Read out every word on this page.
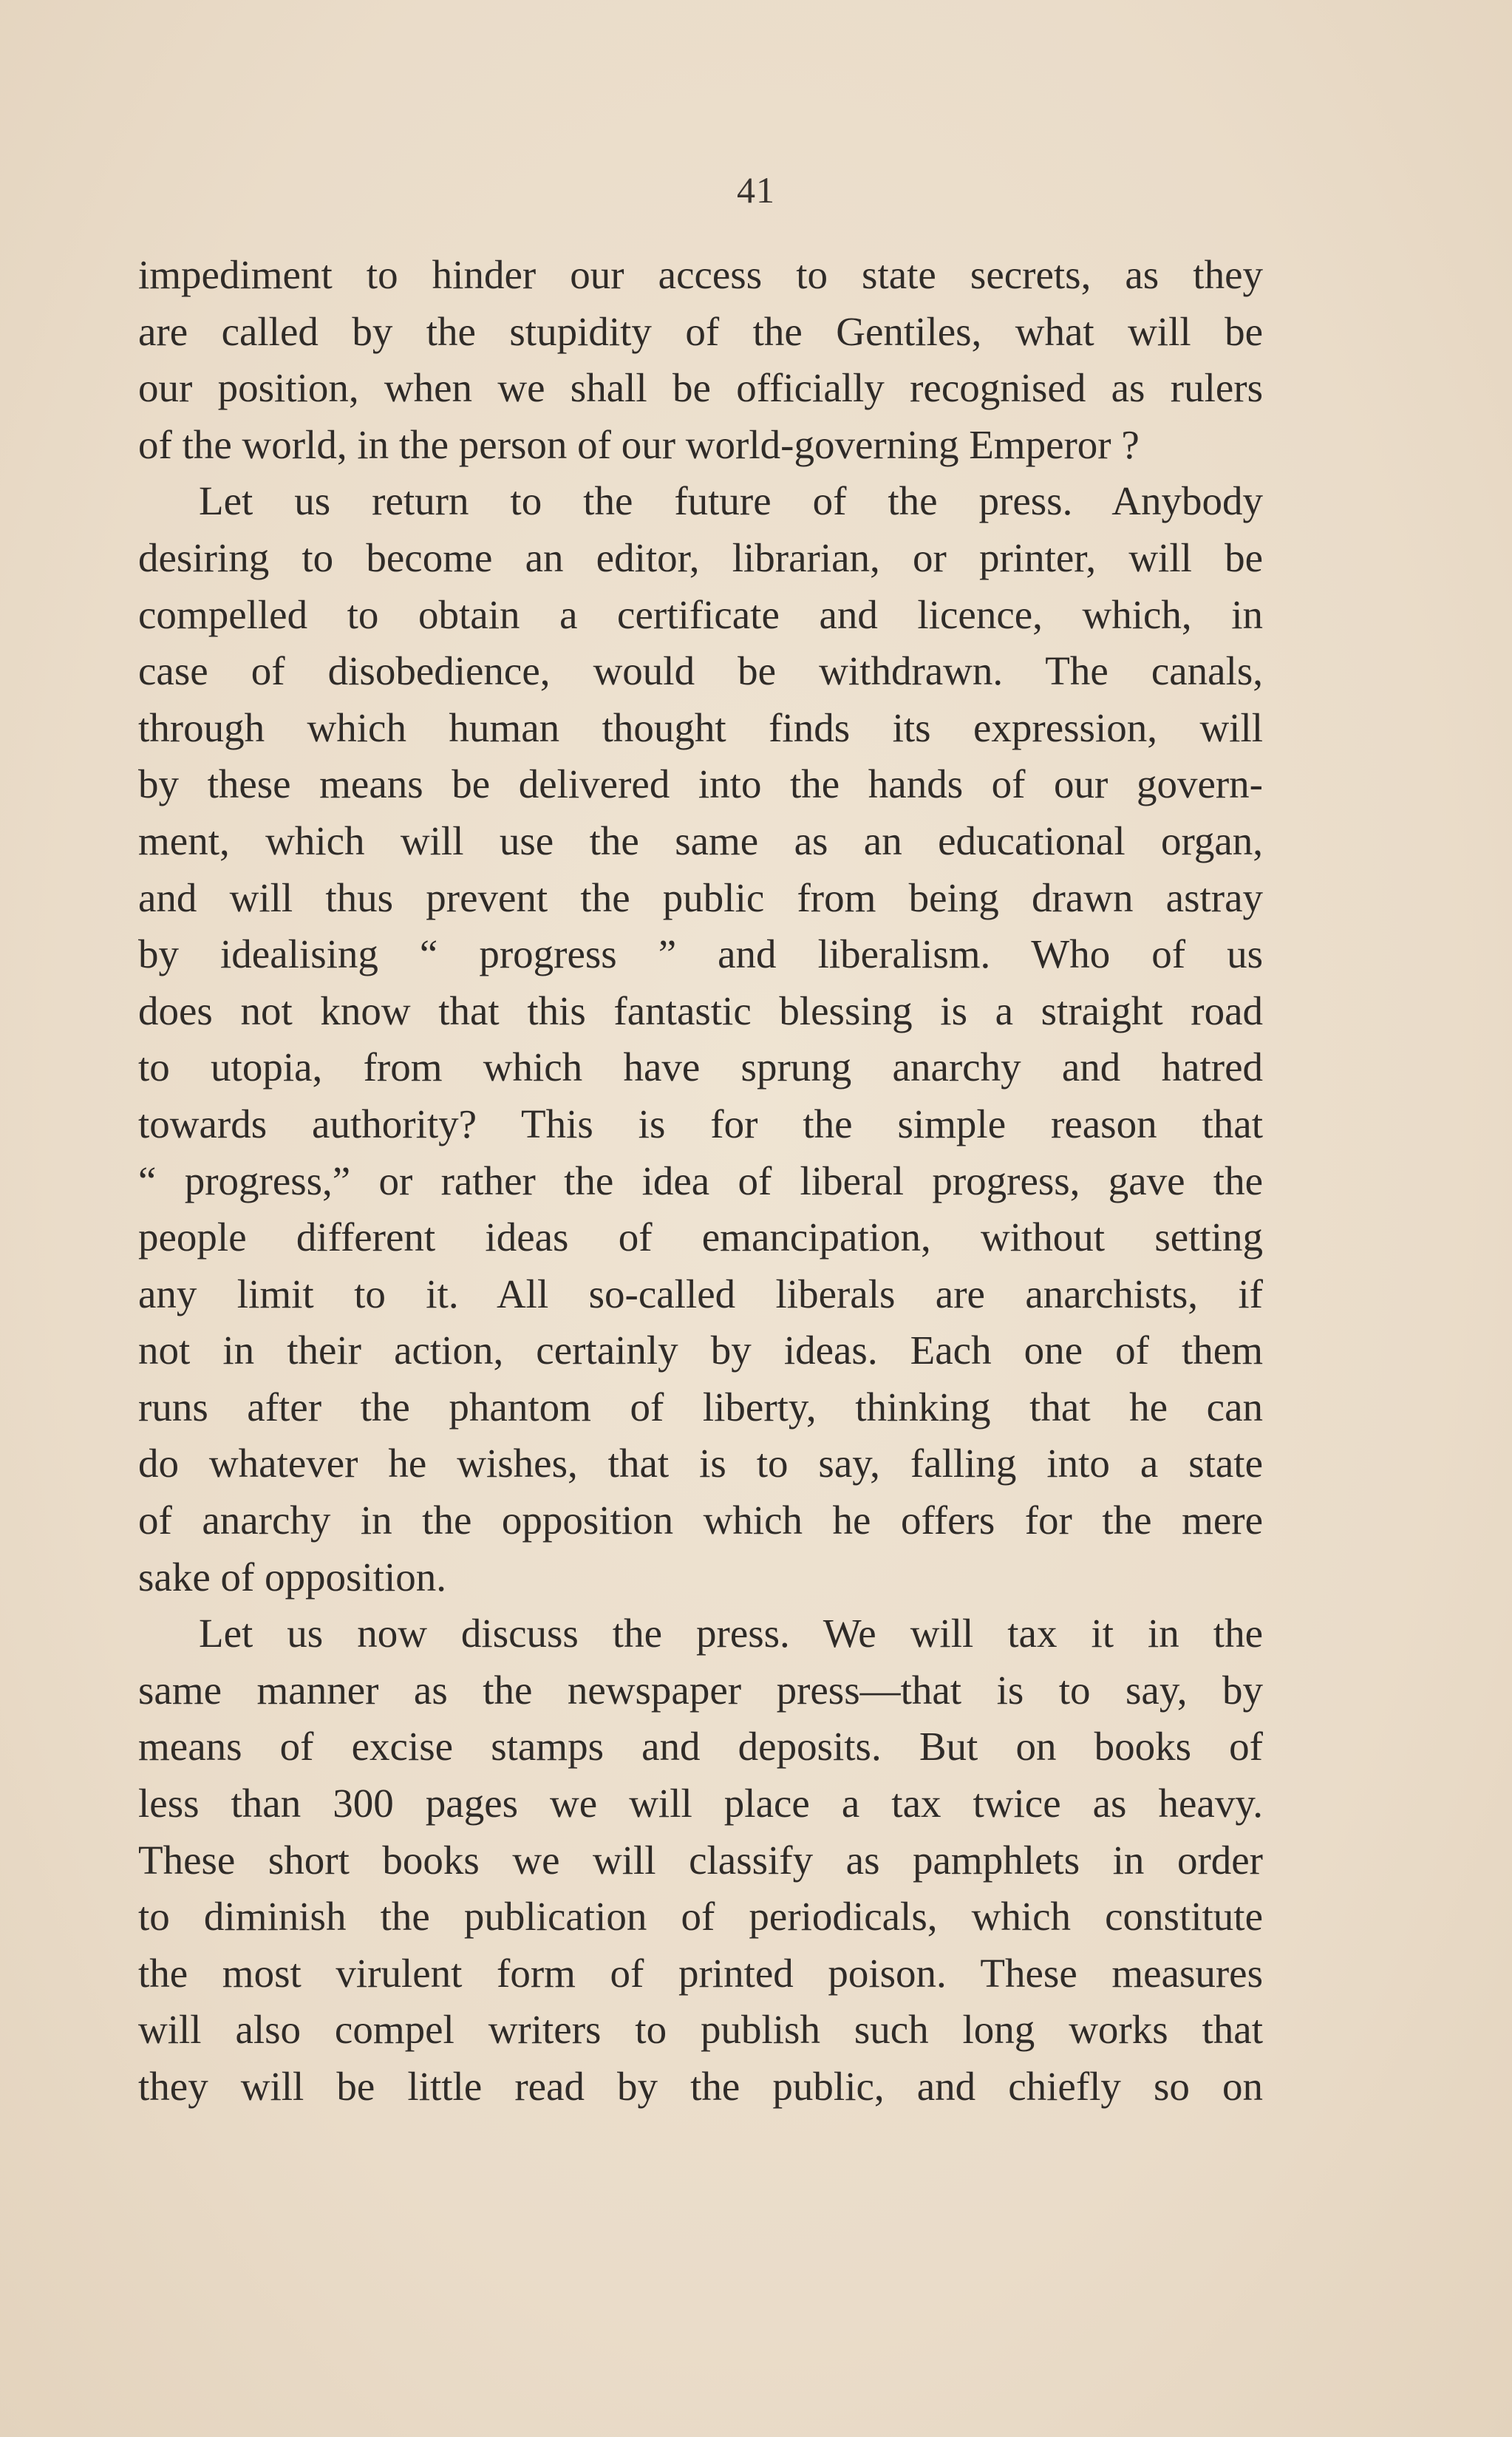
41
impediment to hinder our access to state secrets, as they
are called by the stupidity of the Gentiles, what will be
our position, when we shall be officially recognised as rulers
of the world, in the person of our world-governing Emperor ?
Let us return to the future of the press. Anybody
desiring to become an editor, librarian, or printer, will be
compelled to obtain a certificate and licence, which, in
case of disobedience, would be withdrawn. The canals,
through which human thought finds its expression, will
by these means be delivered into the hands of our govern-
ment, which will use the same as an educational organ,
and will thus prevent the public from being drawn astray
by idealising “ progress ” and liberalism. Who of us
does not know that this fantastic blessing is a straight road
to utopia, from which have sprung anarchy and hatred
towards authority? This is for the simple reason that
“ progress,” or rather the idea of liberal progress, gave the
people different ideas of emancipation, without setting
any limit to it. All so-called liberals are anarchists, if
not in their action, certainly by ideas. Each one of them
runs after the phantom of liberty, thinking that he can
do whatever he wishes, that is to say, falling into a state
of anarchy in the opposition which he offers for the mere
sake of opposition.
Let us now discuss the press. We will tax it in the
same manner as the newspaper press—that is to say, by
means of excise stamps and deposits. But on books of
less than 300 pages we will place a tax twice as heavy.
These short books we will classify as pamphlets in order
to diminish the publication of periodicals, which constitute
the most virulent form of printed poison. These measures
will also compel writers to publish such long works that
they will be little read by the public, and chiefly so on
